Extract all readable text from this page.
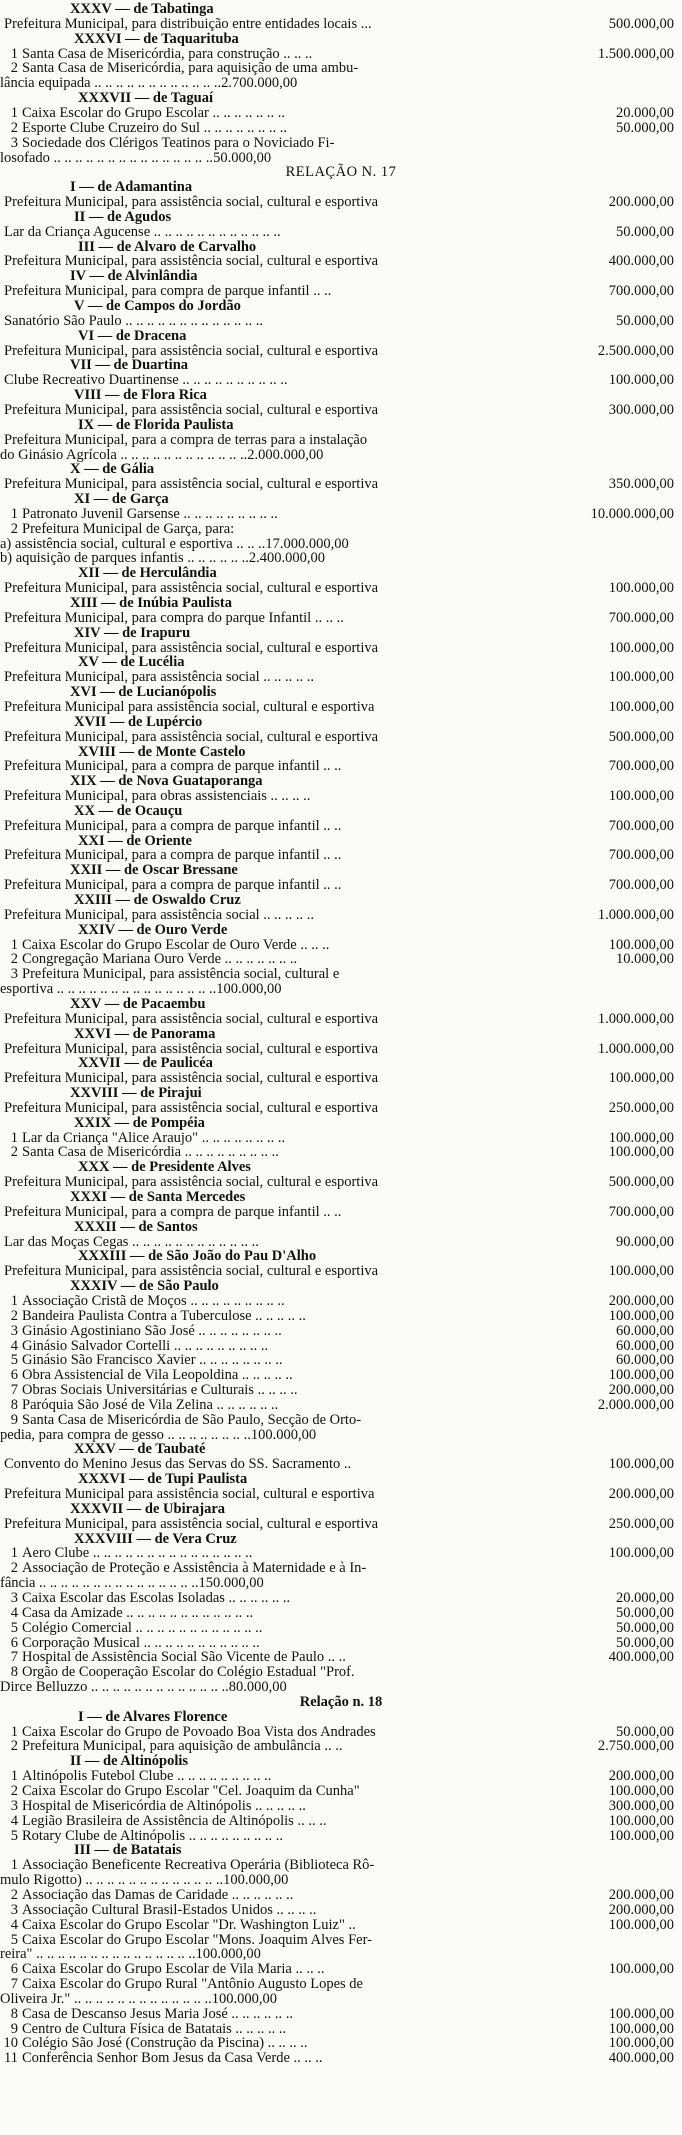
XXXV — de Tabatinga
Prefeitura Municipal, para distribuição entre entidades locais ...	500.000,00
XXXVI — de Taquarituba
1 Santa Casa de Misericórdia, para construção .. .. ..	1.500.000,00
2 Santa Casa de Misericórdia, para aquisição de uma ambu-
lância equipada .. .. .. .. .. .. .. .. .. .. .. ..2.700.000,00
XXXVII — de Taguaí
1 Caixa Escolar do Grupo Escolar .. .. .. .. .. .. ..	20.000,00
2 Esporte Clube Cruzeiro do Sul .. .. .. .. .. .. .. ..	50.000,00
3 Sociedade dos Clérigos Teatinos para o Noviciado Fi-
losofado .. .. .. .. .. .. .. .. .. .. .. .. .. .. ..50.000,00
RELAÇÃO N. 17
I — de Adamantina
Prefeitura Municipal, para assistência social, cultural e esportiva	200.000,00
II — de Agudos
Lar da Criança Agucense .. .. .. .. .. .. .. .. .. .. .. ..	50.000,00
III — de Alvaro de Carvalho
Prefeitura Municipal, para assistência social, cultural e esportiva	400.000,00
IV — de Alvinlândia
Prefeitura Municipal, para compra de parque infantil .. ..	700.000,00
V — de Campos do Jordão
Sanatório São Paulo .. .. .. .. .. .. .. .. .. .. .. .. ..	50.000,00
VI — de Dracena
Prefeitura Municipal, para assistência social, cultural e esportiva	2.500.000,00
VII — de Duartina
Clube Recreativo Duartinense .. .. .. .. .. .. .. .. .. ..	100.000,00
VIII — de Flora Rica
Prefeitura Municipal, para assistência social, cultural e esportiva	300.000,00
IX — de Florida Paulista
Prefeitura Municipal, para a compra de terras para a instalação
do Ginásio Agrícola .. .. .. .. .. .. .. .. .. .. .. ..2.000.000,00
X — de Gália
Prefeitura Municipal, para assistência social, cultural e esportiva	350.000,00
XI — de Garça
1 Patronato Juvenil Garsense .. .. .. .. .. .. .. .. ..	10.000.000,00
2 Prefeitura Municipal de Garça, para:
a) assistência social, cultural e esportiva .. .. ..17.000.000,00
b) aquisição de parques infantis .. .. .. .. .. ..2.400.000,00
XII — de Herculândia
Prefeitura Municipal, para assistência social, cultural e esportiva	100.000,00
XIII — de Inúbia Paulista
Prefeitura Municipal, para compra do parque Infantil .. .. ..	700.000,00
XIV — de Irapuru
Prefeitura Municipal, para assistência social, cultural e esportiva	100.000,00
XV — de Lucélia
Prefeitura Municipal, para assistência social .. .. .. .. ..	100.000,00
XVI — de Lucianópolis
Prefeitura Municipal para assistência social, cultural e esportiva	100.000,00
XVII — de Lupércio
Prefeitura Municipal, para assistência social, cultural e esportiva	500.000,00
XVIII — de Monte Castelo
Prefeitura Municipal, para a compra de parque infantil .. ..	700.000,00
XIX — de Nova Guataporanga
Prefeitura Municipal, para obras assistenciais .. .. .. ..	100.000,00
XX — de Ocauçu
Prefeitura Municipal, para a compra de parque infantil .. ..	700.000,00
XXI — de Oriente
Prefeitura Municipal, para a compra de parque infantil .. ..	700.000,00
XXII — de Oscar Bressane
Prefeitura Municipal, para a compra de parque infantil .. ..	700.000,00
XXIII — de Oswaldo Cruz
Prefeitura Municipal, para assistência social .. .. .. .. ..	1.000.000,00
XXIV — de Ouro Verde
1 Caixa Escolar do Grupo Escolar de Ouro Verde .. .. ..	100.000,00
2 Congregação Mariana Ouro Verde .. .. .. .. .. .. ..	10.000,00
3 Prefeitura Municipal, para assistência social, cultural e
esportiva .. .. .. .. .. .. .. .. .. .. .. .. .. .. ..100.000,00
XXV — de Pacaembu
Prefeitura Municipal, para assistência social, cultural e esportiva	1.000.000,00
XXVI — de Panorama
Prefeitura Municipal, para assistência social, cultural e esportiva	1.000.000,00
XXVII — de Paulicéa
Prefeitura Municipal, para assistência social, cultural e esportiva	100.000,00
XXVIII — de Pirajui
Prefeitura Municipal, para assistência social, cultural e esportiva	250.000,00
XXIX — de Pompéia
1 Lar da Criança "Alice Araujo" .. .. .. .. .. .. .. ..	100.000,00
2 Santa Casa de Misericórdia .. .. .. .. .. .. .. .. ..	100.000,00
XXX — de Presidente Alves
Prefeitura Municipal, para assistência social, cultural e esportiva	500.000,00
XXXI — de Santa Mercedes
Prefeitura Municipal, para a compra de parque infantil .. ..	700.000,00
XXXII — de Santos
Lar das Moças Cegas .. .. .. .. .. .. .. .. .. .. .. ..	90.000,00
XXXIII — de São João do Pau D'Alho
Prefeitura Municipal, para assistência social, cultural e esportiva	100.000,00
XXXIV — de São Paulo
1 Associação Cristã de Moços .. .. .. .. .. .. .. .. ..	200.000,00
2 Bandeira Paulista Contra a Tuberculose .. .. .. .. ..	100.000,00
3 Ginásio Agostiniano São José .. .. .. .. .. .. .. ..	60.000,00
4 Ginásio Salvador Cortelli .. .. .. .. .. .. .. .. ..	60.000,00
5 Ginásio São Francisco Xavier .. .. .. .. .. .. .. ..	60.000,00
6 Obra Assistencial de Vila Leopoldina .. .. .. .. ..	100.000,00
7 Obras Sociais Universitárias e Culturais .. .. .. ..	200.000,00
8 Paróquia São José de Vila Zelina .. .. .. .. .. ..	2.000.000,00
9 Santa Casa de Misericórdia de São Paulo, Secção de Orto-
pedia, para compra de gesso .. .. .. .. .. .. .. ..100.000,00
XXXV — de Taubaté
Convento do Menino Jesus das Servas do SS. Sacramento ..	100.000,00
XXXVI — de Tupi Paulista
Prefeitura Municipal para assistência social, cultural e esportiva	200.000,00
XXXVII — de Ubirajara
Prefeitura Municipal, para assistência social, cultural e esportiva	250.000,00
XXXVIII — de Vera Cruz
1 Aero Clube .. .. .. .. .. .. .. .. .. .. .. .. .. .. ..	100.000,00
2 Associação de Proteção e Assistência à Maternidade e à In-
fância .. .. .. .. .. .. .. .. .. .. .. .. .. .. ..150.000,00
3 Caixa Escolar das Escolas Isoladas .. .. .. .. .. ..	20.000,00
4 Casa da Amizade .. .. .. .. .. .. .. .. .. .. .. ..	50.000,00
5 Colégio Comercial .. .. .. .. .. .. .. .. .. .. .. ..	50.000,00
6 Corporação Musical .. .. .. .. .. .. .. .. .. .. ..	50.000,00
7 Hospital de Assistência Social São Vicente de Paulo .. ..	400.000,00
8 Orgão de Cooperação Escolar do Colégio Estadual "Prof.
Dirce Belluzzo .. .. .. .. .. .. .. .. .. .. .. .. ..80.000,00
Relação n. 18
I — de Alvares Florence
1 Caixa Escolar do Grupo de Povoado Boa Vista dos Andrades	50.000,00
2 Prefeitura Municipal, para aquisição de ambulância .. ..	2.750.000,00
II — de Altinópolis
1 Altinópolis Futebol Clube .. .. .. .. .. .. .. .. ..	200.000,00
2 Caixa Escolar do Grupo Escolar "Cel. Joaquim da Cunha"	100.000,00
3 Hospital de Misericórdia de Altinópolis .. .. .. .. ..	300.000,00
4 Legião Brasileira de Assistência de Altinópolis .. .. ..	100.000,00
5 Rotary Clube de Altinópolis .. .. .. .. .. .. .. .. ..	100.000,00
III — de Batatais
1 Associação Beneficente Recreativa Operária (Biblioteca Rô-
mulo Rigotto) .. .. .. .. .. .. .. .. .. .. .. .. ..100.000,00
2 Associação das Damas de Caridade .. .. .. .. .. ..	200.000,00
3 Associação Cultural Brasil-Estados Unidos .. .. .. ..	200.000,00
4 Caixa Escolar do Grupo Escolar "Dr. Washington Luiz" ..	100.000,00
5 Caixa Escolar do Grupo Escolar "Mons. Joaquim Alves Fer-
reira" .. .. .. .. .. .. .. .. .. .. .. .. .. .. ..100.000,00
6 Caixa Escolar do Grupo Escolar de Vila Maria .. .. ..	100.000,00
7 Caixa Escolar do Grupo Rural "Antônio Augusto Lopes de
Oliveira Jr." .. .. .. .. .. .. .. .. .. .. .. .. ..100.000,00
8 Casa de Descanso Jesus Maria José .. .. .. .. .. ..	100.000,00
9 Centro de Cultura Física de Batatais .. .. .. .. ..	100.000,00
10 Colégio São José (Construção da Piscina) .. .. .. ..	100.000,00
11 Conferência Senhor Bom Jesus da Casa Verde .. .. ..	400.000,00
